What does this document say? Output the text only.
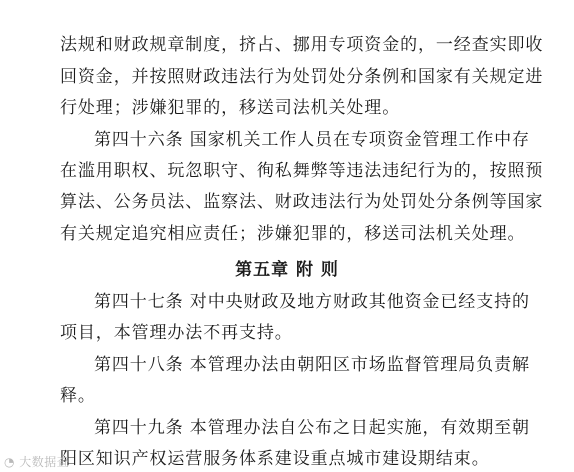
法规和财政规章制度，挤占、挪用专项资金的，一经查实即收
回资金，并按照财政违法行为处罚处分条例和国家有关规定进
行处理；涉嫌犯罪的，移送司法机关处理。
第四十六条 国家机关工作人员在专项资金管理工作中存
在滥用职权、玩忽职守、徇私舞弊等违法违纪行为的，按照预
算法、公务员法、监察法、财政违法行为处罚处分条例等国家
有关规定追究相应责任；涉嫌犯罪的，移送司法机关处理。
第五章 附 则
第四十七条 对中央财政及地方财政其他资金已经支持的
项目，本管理办法不再支持。
第四十八条 本管理办法由朝阳区市场监督管理局负责解
释。
第四十九条 本管理办法自公布之日起实施，有效期至朝
阳区知识产权运营服务体系建设重点城市建设期结束。
◔ 大数据查
